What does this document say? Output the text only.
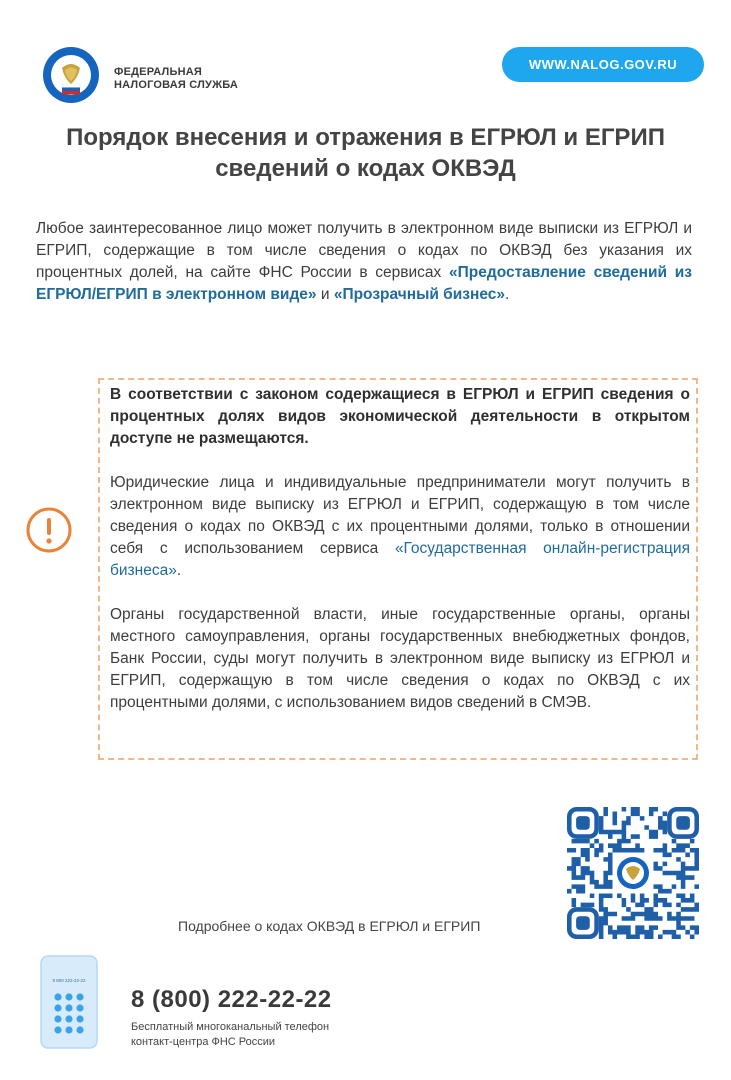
ФЕДЕРАЛЬНАЯ
НАЛОГОВАЯ СЛУЖБА
WWW.NALOG.GOV.RU
Порядок внесения и отражения в ЕГРЮЛ и ЕГРИП
сведений о кодах ОКВЭД

Любое заинтересованное лицо может получить в электронном виде выписки из ЕГРЮЛ и ЕГРИП, содержащие в том числе сведения о кодах по ОКВЭД без указания их процентных долей, на сайте ФНС России в сервисах «Предоставление сведений из ЕГРЮЛ/ЕГРИП в электронном виде» и «Прозрачный бизнес».

В соответствии с законом содержащиеся в ЕГРЮЛ и ЕГРИП сведения о процентных долях видов экономической деятельности в открытом доступе не размещаются.

Юридические лица и индивидуальные предприниматели могут получить в электронном виде выписку из ЕГРЮЛ и ЕГРИП, содержащую в том числе сведения о кодах по ОКВЭД с их процентными долями, только в отношении себя с использованием сервиса «Государственная онлайн-регистрация бизнеса».

Органы государственной власти, иные государственные органы, органы местного самоуправления, органы государственных внебюджетных фондов, Банк России, суды могут получить в электронном виде выписку из ЕГРЮЛ и ЕГРИП, содержащую в том числе сведения о кодах по ОКВЭД с их процентными долями, с использованием видов сведений в СМЭВ.

Подробнее о кодах ОКВЭД в ЕГРЮЛ и ЕГРИП
8 800 222-22-22
8 (800) 222-22-22
Бесплатный многоканальный телефон
контакт-центра ФНС России
